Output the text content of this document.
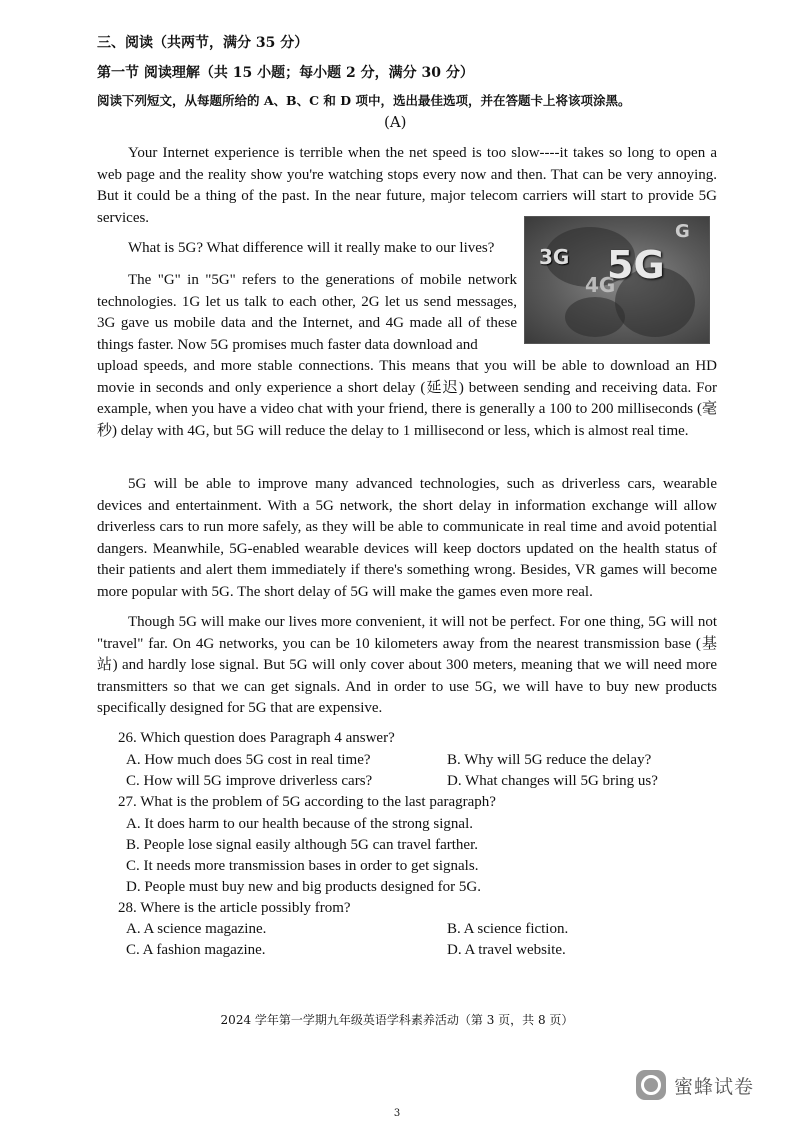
三、阅读（共两节，满分 35 分）
第一节 阅读理解（共 15 小题；每小题 2 分，满分 30 分）
阅读下列短文，从每题所给的 A、B、C 和 D 项中，选出最佳选项，并在答题卡上将该项涂黑。
(A)

Your Internet experience is terrible when the net speed is too slow----it takes so long to open a web page and the reality show you're watching stops every now and then. That can be very annoying. But it could be a thing of the past. In the near future, major telecom carriers will start to provide 5G services.

What is 5G? What difference will it really make to our lives?

The "G" in "5G" refers to the generations of mobile network technologies. 1G let us talk to each other, 2G let us send messages, 3G gave us mobile data and the Internet, and 4G made all of these things faster. Now 5G promises much faster data download and

upload speeds, and more stable connections. This means that you will be able to download an HD movie in seconds and only experience a short delay (延迟) between sending and receiving data. For example, when you have a video chat with your friend, there is generally a 100 to 200 milliseconds (毫秒) delay with 4G, but 5G will reduce the delay to 1 millisecond or less, which is almost real time.

3G
4G
5G
G

5G will be able to improve many advanced technologies, such as driverless cars, wearable devices and entertainment. With a 5G network, the short delay in information exchange will allow driverless cars to run more safely, as they will be able to communicate in real time and avoid potential dangers. Meanwhile, 5G-enabled wearable devices will keep doctors updated on the health status of their patients and alert them immediately if there's something wrong. Besides, VR games will become more popular with 5G. The short delay of 5G will make the games even more real.

Though 5G will make our lives more convenient, it will not be perfect. For one thing, 5G will not "travel" far. On 4G networks, you can be 10 kilometers away from the nearest transmission base (基站) and hardly lose signal. But 5G will only cover about 300 meters, meaning that we will need more transmitters so that we can get signals. And in order to use 5G, we will have to buy new products specifically designed for 5G that are expensive.

26. Which question does Paragraph 4 answer?
A. How much does 5G cost in real time?	B. Why will 5G reduce the delay?
C. How will 5G improve driverless cars?	D. What changes will 5G bring us?
27. What is the problem of 5G according to the last paragraph?
A. It does harm to our health because of the strong signal.
B. People lose signal easily although 5G can travel farther.
C. It needs more transmission bases in order to get signals.
D. People must buy new and big products designed for 5G.
28. Where is the article possibly from?
A. A science magazine.	B. A science fiction.
C. A fashion magazine.	D. A travel website.
2024 学年第一学期九年级英语学科素养活动（第 3 页，共 8 页）
蜜蜂试卷
3
